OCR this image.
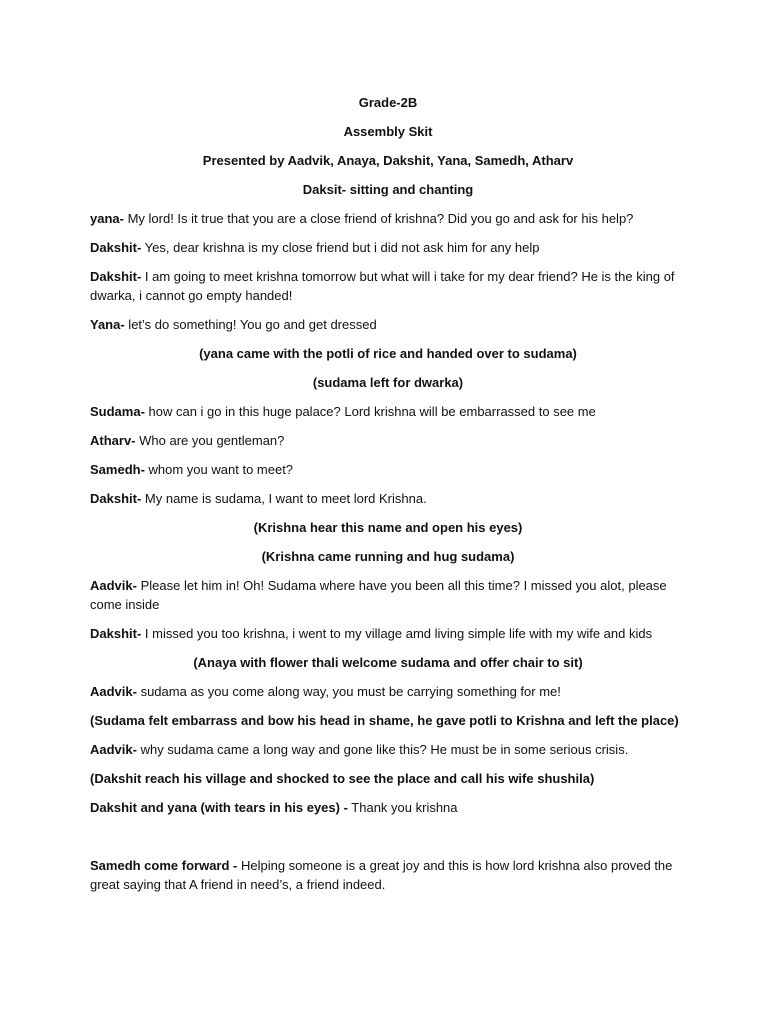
Grade-2B

Assembly Skit

Presented by Aadvik, Anaya, Dakshit, Yana, Samedh, Atharv

Daksit- sitting and chanting

yana- My lord! Is it true that you are a close friend of krishna? Did you go and ask for his help?

Dakshit- Yes, dear krishna is my close friend but i did not ask him for any help

Dakshit- I am going to meet krishna tomorrow but what will i take for my dear friend? He is the king of dwarka, i cannot go empty handed!

Yana- let’s do something! You go and get dressed

(yana came with the potli of rice and handed over to sudama)

(sudama left for dwarka)

Sudama- how can i go in this huge palace? Lord krishna will be embarrassed to see me

Atharv- Who are you gentleman?

Samedh- whom you want to meet?

Dakshit- My name is sudama, I want to meet lord Krishna.

(Krishna hear this name and open his eyes)

(Krishna came running and hug sudama)

Aadvik- Please let him in! Oh! Sudama where have you been all this time? I missed you alot, please come inside

Dakshit- I missed you too krishna, i went to my village amd living simple life with my wife and kids

(Anaya with flower thali welcome sudama and offer chair to sit)

Aadvik- sudama as you come along way, you must be carrying something for me!

(Sudama felt embarrass and bow his head in shame, he gave potli to Krishna and left the place)

Aadvik- why sudama came a long way and gone like this? He must be in some serious crisis.

(Dakshit reach his village and shocked to see the place and call his wife shushila)

Dakshit and yana (with tears in his eyes) - Thank you krishna

Samedh come forward - Helping someone is a great joy and this is how lord krishna also proved the great saying that A friend in need’s, a friend indeed.
